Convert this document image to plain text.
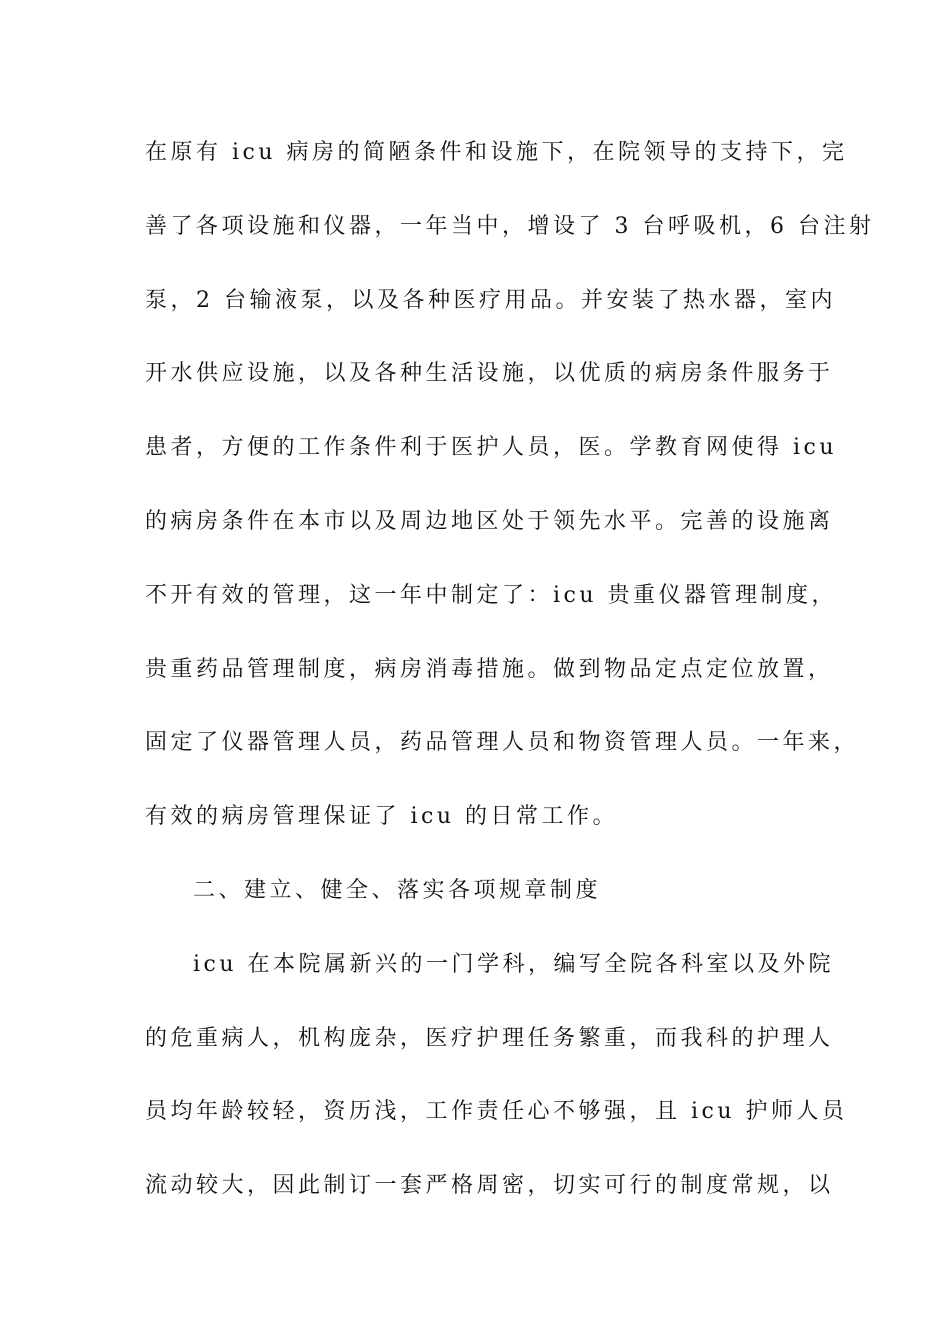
在原有 icu 病房的简陋条件和设施下，在院领导的支持下，完
善了各项设施和仪器，一年当中，增设了 3 台呼吸机，6 台注射
泵，2 台输液泵，以及各种医疗用品。并安装了热水器，室内
开水供应设施，以及各种生活设施，以优质的病房条件服务于
患者，方便的工作条件利于医护人员，医。学教育网使得 icu
的病房条件在本市以及周边地区处于领先水平。完善的设施离
不开有效的管理，这一年中制定了：icu 贵重仪器管理制度，
贵重药品管理制度，病房消毒措施。做到物品定点定位放置，
固定了仪器管理人员，药品管理人员和物资管理人员。一年来，
有效的病房管理保证了 icu 的日常工作。
二、建立、健全、落实各项规章制度
icu 在本院属新兴的一门学科，编写全院各科室以及外院
的危重病人，机构庞杂，医疗护理任务繁重，而我科的护理人
员均年龄较轻，资历浅，工作责任心不够强，且 icu 护师人员
流动较大，因此制订一套严格周密，切实可行的制度常规，以
